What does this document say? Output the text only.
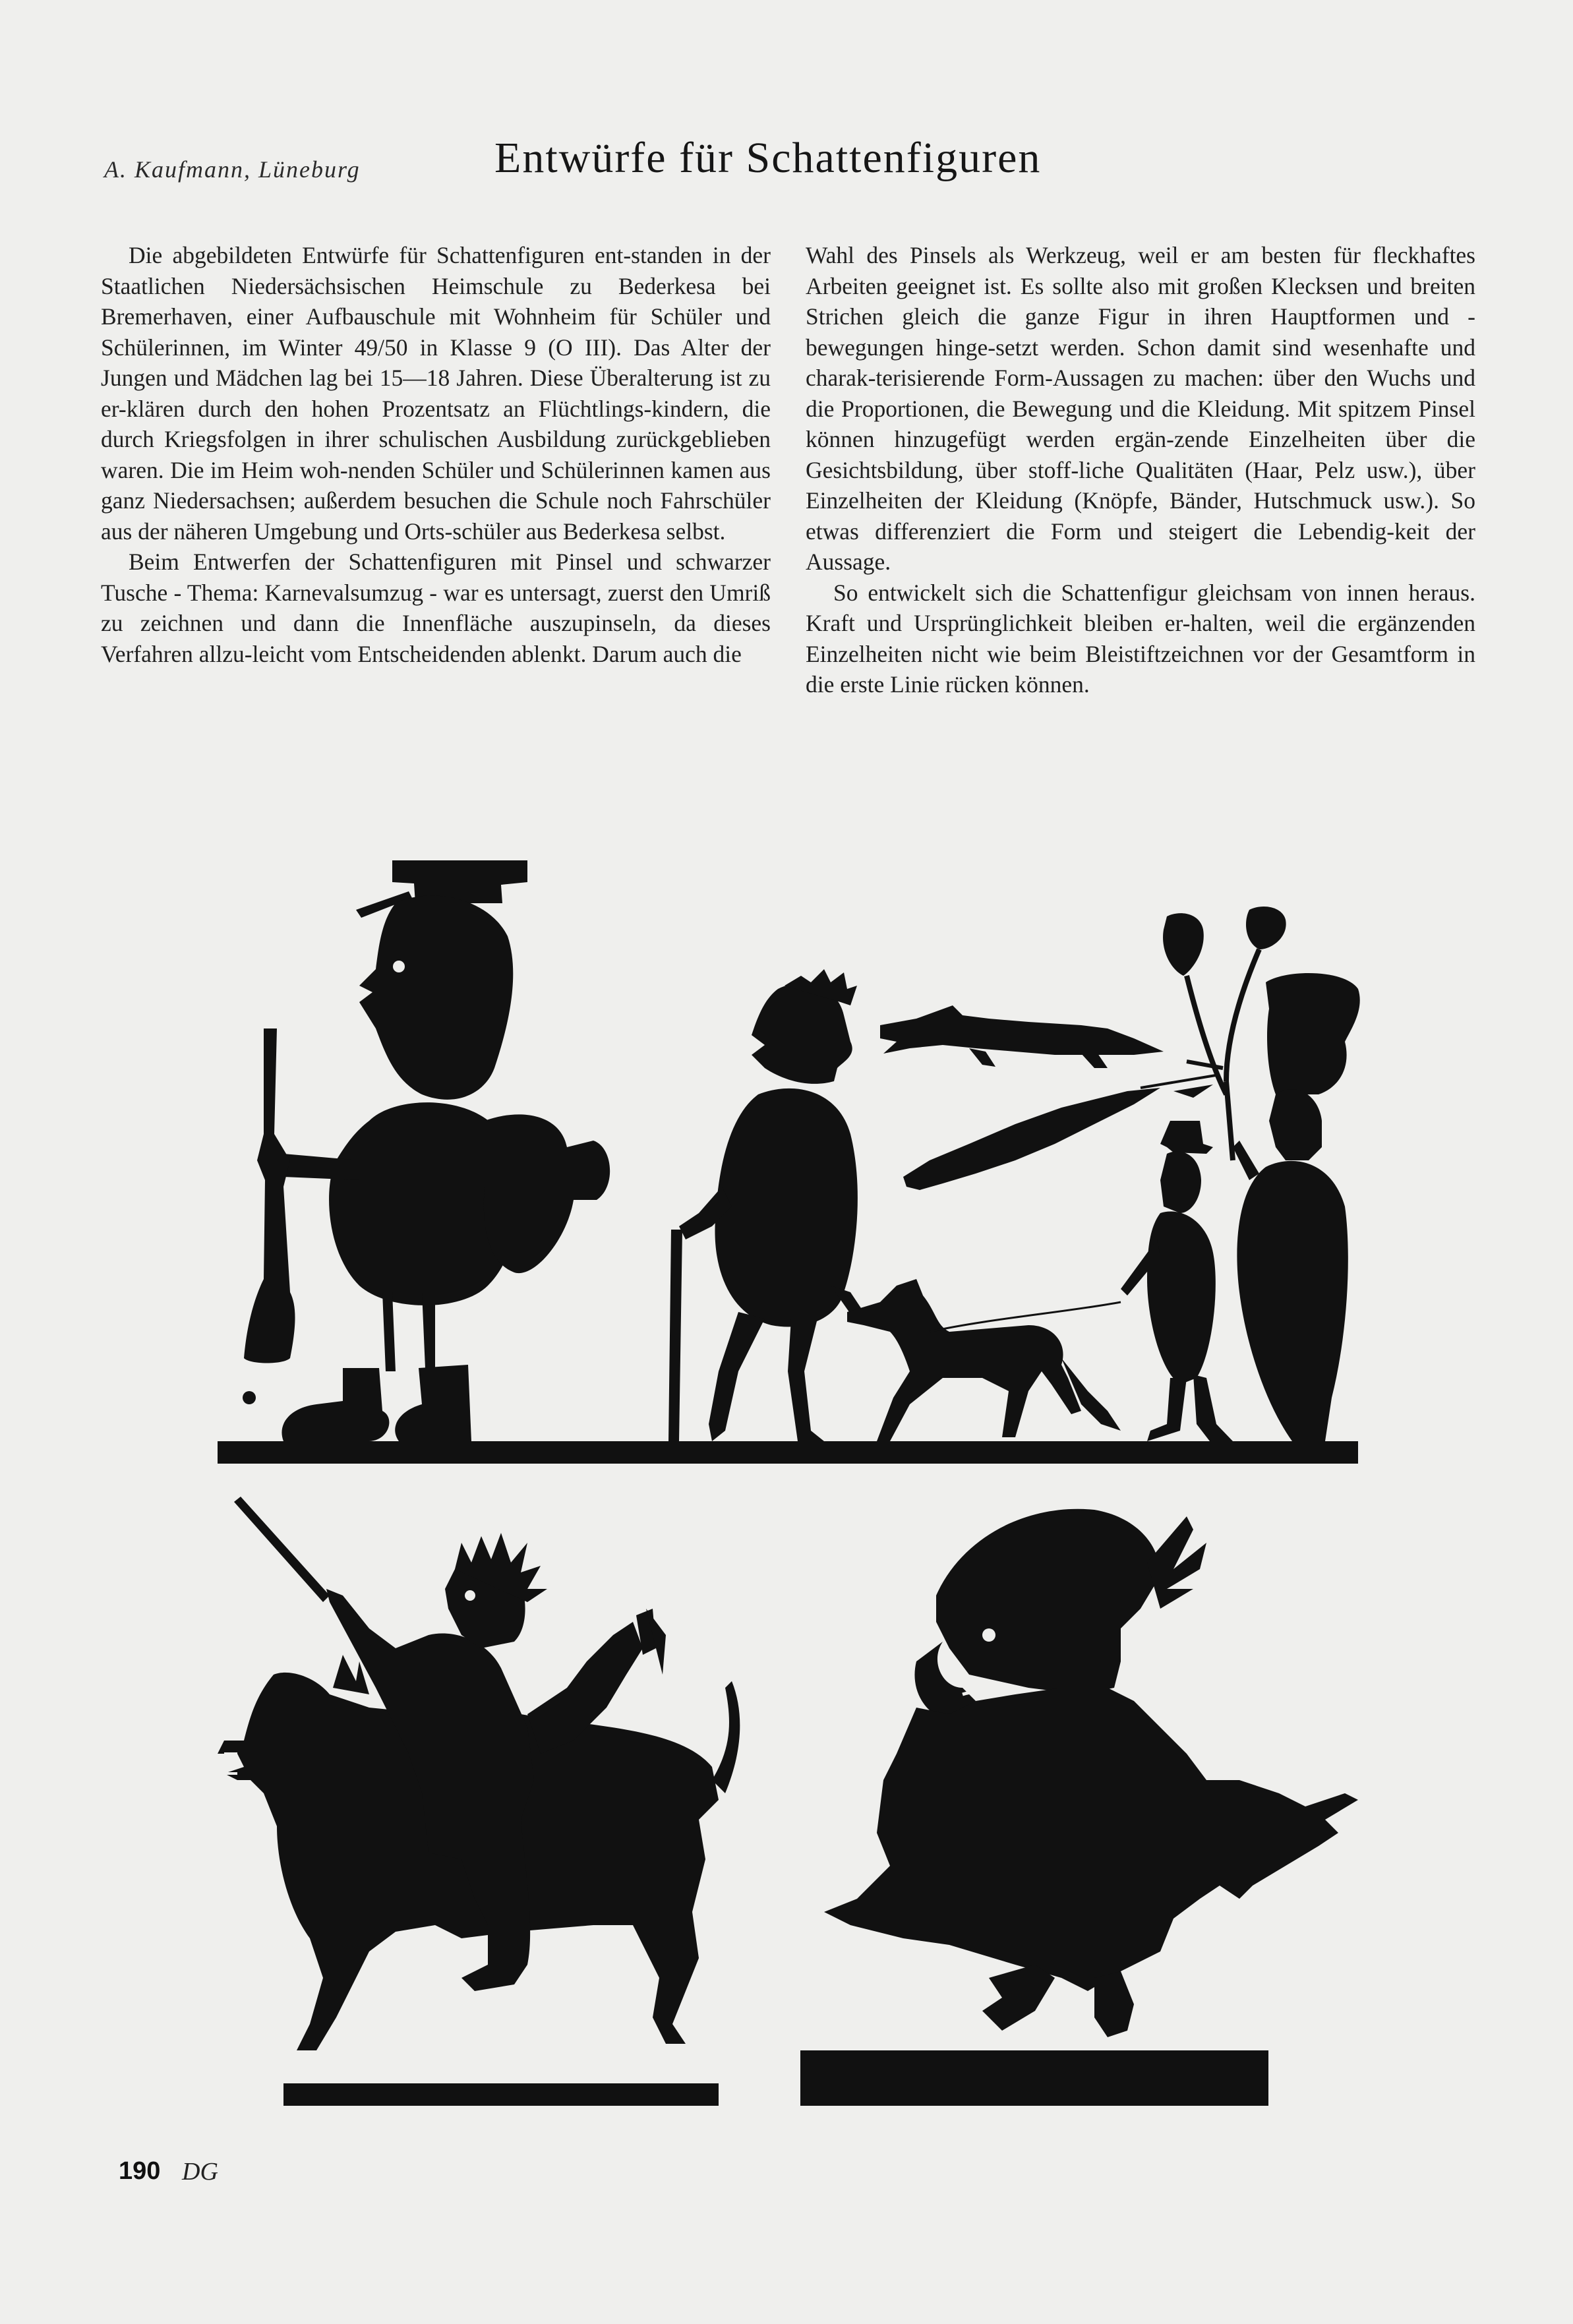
A. Kaufmann, Lüneburg	Entwürfe für Schattenfiguren

Die abgebildeten Entwürfe für Schattenfiguren ent-standen in der Staatlichen Niedersächsischen Heimschule zu Bederkesa bei Bremerhaven, einer Aufbauschule mit Wohnheim für Schüler und Schülerinnen, im Winter 49/50 in Klasse 9 (O III). Das Alter der Jungen und Mädchen lag bei 15—18 Jahren. Diese Überalterung ist zu er-klären durch den hohen Prozentsatz an Flüchtlings-kindern, die durch Kriegsfolgen in ihrer schulischen Ausbildung zurückgeblieben waren. Die im Heim woh-nenden Schüler und Schülerinnen kamen aus ganz Niedersachsen; außerdem besuchen die Schule noch Fahrschüler aus der näheren Umgebung und Orts-schüler aus Bederkesa selbst.

Beim Entwerfen der Schattenfiguren mit Pinsel und schwarzer Tusche - Thema: Karnevalsumzug - war es untersagt, zuerst den Umriß zu zeichnen und dann die Innenfläche auszupinseln, da dieses Verfahren allzu-leicht vom Entscheidenden ablenkt. Darum auch die

Wahl des Pinsels als Werkzeug, weil er am besten für fleckhaftes Arbeiten geeignet ist. Es sollte also mit großen Klecksen und breiten Strichen gleich die ganze Figur in ihren Hauptformen und -bewegungen hinge-setzt werden. Schon damit sind wesenhafte und charak-terisierende Form-Aussagen zu machen: über den Wuchs und die Proportionen, die Bewegung und die Kleidung. Mit spitzem Pinsel können hinzugefügt werden ergän-zende Einzelheiten über die Gesichtsbildung, über stoff-liche Qualitäten (Haar, Pelz usw.), über Einzelheiten der Kleidung (Knöpfe, Bänder, Hutschmuck usw.). So etwas differenziert die Form und steigert die Lebendig-keit der Aussage.

So entwickelt sich die Schattenfigur gleichsam von innen heraus. Kraft und Ursprünglichkeit bleiben er-halten, weil die ergänzenden Einzelheiten nicht wie beim Bleistiftzeichnen vor der Gesamtform in die erste Linie rücken können.

190 DG
